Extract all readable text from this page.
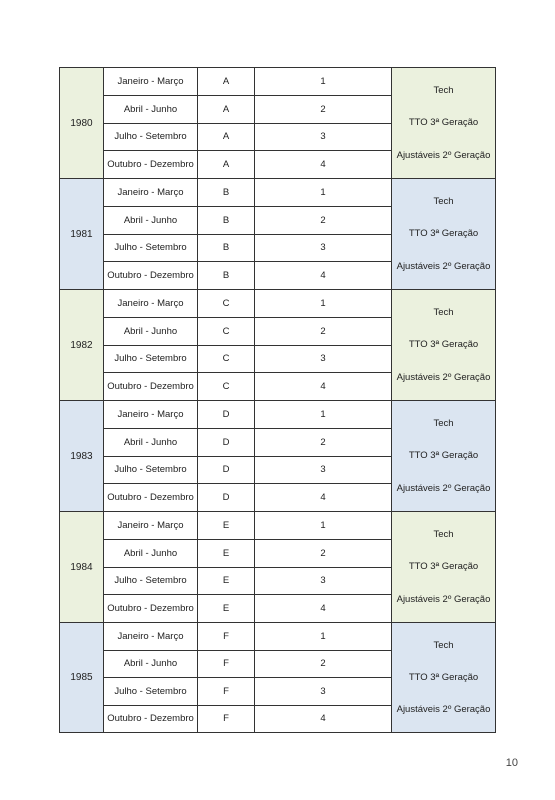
1980
Janeiro - Março	A	1
Abril - Junho	A	2
Julho - Setembro	A	3
Outubro - Dezembro	A	4
Tech
TTO 3ª Geração
Ajustáveis 2º Geração
1981
Janeiro - Março	B	1
Abril - Junho	B	2
Julho - Setembro	B	3
Outubro - Dezembro	B	4
Tech
TTO 3ª Geração
Ajustáveis 2º Geração
1982
Janeiro - Março	C	1
Abril - Junho	C	2
Julho - Setembro	C	3
Outubro - Dezembro	C	4
Tech
TTO 3ª Geração
Ajustáveis 2º Geração
1983
Janeiro - Março	D	1
Abril - Junho	D	2
Julho - Setembro	D	3
Outubro - Dezembro	D	4
Tech
TTO 3ª Geração
Ajustáveis 2º Geração
1984
Janeiro - Março	E	1
Abril - Junho	E	2
Julho - Setembro	E	3
Outubro - Dezembro	E	4
Tech
TTO 3ª Geração
Ajustáveis 2º Geração
1985
Janeiro - Março	F	1
Abril - Junho	F	2
Julho - Setembro	F	3
Outubro - Dezembro	F	4
Tech
TTO 3ª Geração
Ajustáveis 2º Geração
10
